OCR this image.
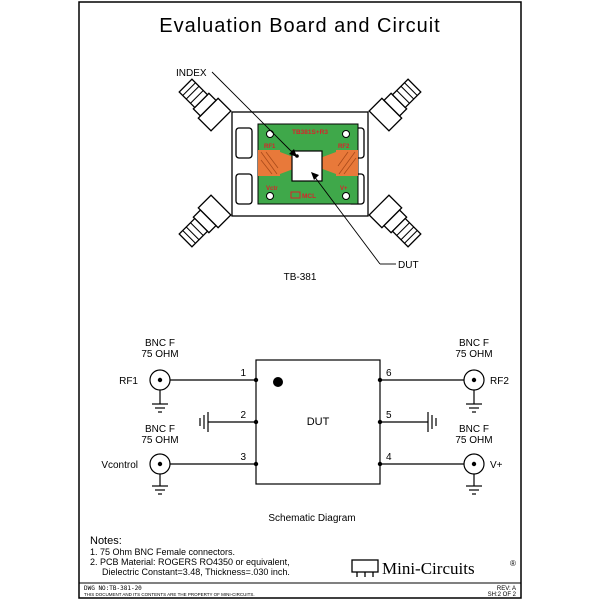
Evaluation Board and Circuit
TB381S+R3
RF1	RF2
Vctr	V+
MCL
INDEX
DUT
TB-381
BNC F
75 OHM
BNC F
75 OHM
BNC F
75 OHM
BNC F
75 OHM
RF1	RF2
Vcontrol	V+
DUT
1
2
3	4
5
6
Schematic Diagram
Notes:
1. 75 Ohm BNC Female connectors.
2. PCB Material: ROGERS RO4350 or equivalent,
Dielectric Constant=3.48, Thickness=.030 inch.	Mini-Circuits	®
DWG NO:TB-381-20
THIS DOCUMENT AND ITS CONTENTS ARE THE PROPERTY OF MINI-CIRCUITS.
REV: A
SH:2 OF 2
